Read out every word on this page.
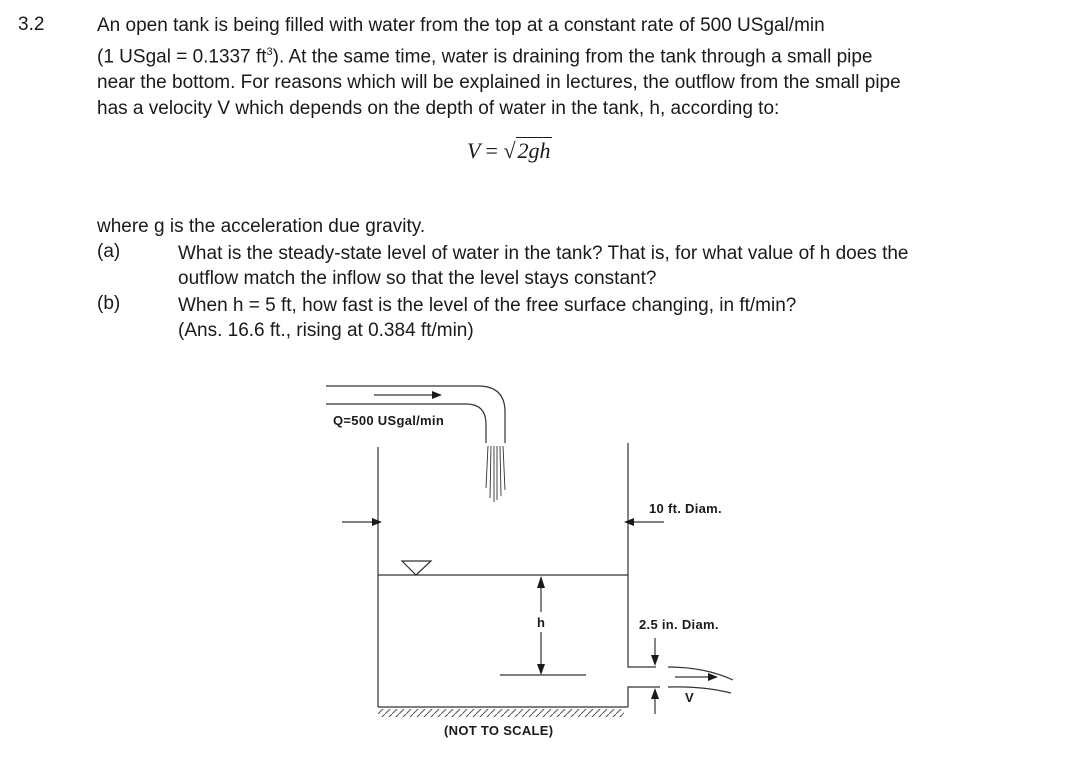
3.2	An open tank is being filled with water from the top at a constant rate of 500 USgal/min

(1 USgal = 0.1337 $ft^3$). At the same time, water is draining from the tank through a small pipe

near the bottom. For reasons which will be explained in lectures, the outflow from the small pipe

has a velocity V which depends on the depth of water in the tank, h, according to:

V = √2gh
where g is the acceleration due gravity.
(a)	What is the steady-state level of water in the tank? That is, for what value of h does the

outflow match the inflow so that the level stays constant?

(b)	When h = 5 ft, how fast is the level of the free surface changing, in ft/min?

(Ans. 16.6 ft., rising at 0.384 ft/min)

Q=500 USgal/min
10 ft. Diam.
h	2.5 in. Diam.
V
(NOT TO SCALE)
